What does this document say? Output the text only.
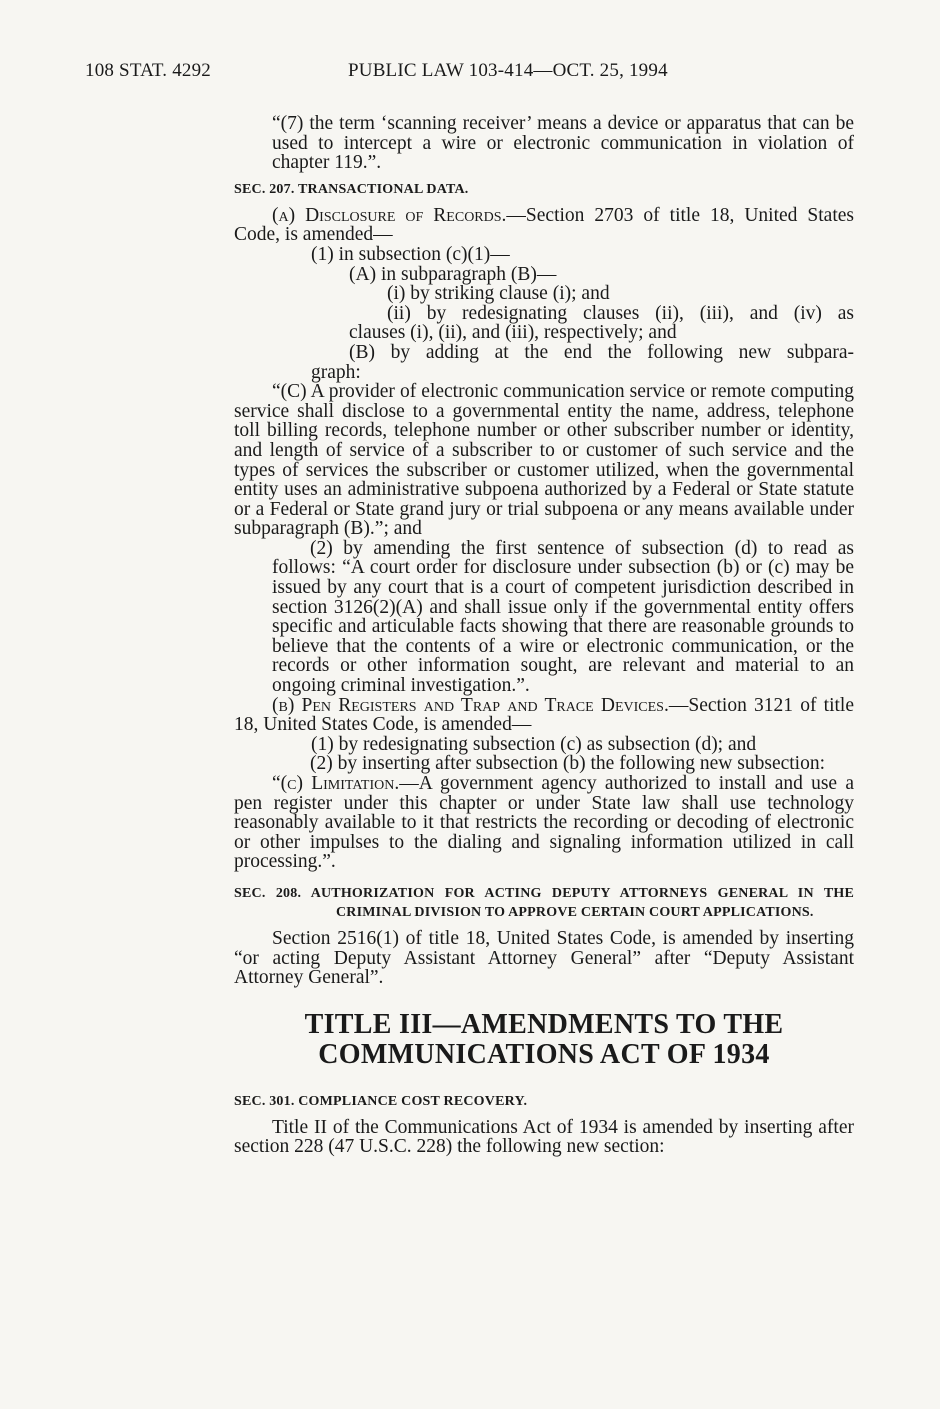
108 STAT. 4292	PUBLIC LAW 103-414—OCT. 25, 1994

“(7) the term ‘scanning receiver’ means a device or apparatus that can be used to intercept a wire or electronic communication in violation of chapter 119.”.

SEC. 207. TRANSACTIONAL DATA.

(a) Disclosure of Records.—Section 2703 of title 18, United States Code, is amended—

(1) in subsection (c)(1)—

(A) in subparagraph (B)—

(i) by striking clause (i); and

(ii) by redesignating clauses (ii), (iii), and (iv) as

clauses (i), (ii), and (iii), respectively; and

(B) by adding at the end the following new subpara-

graph:

“(C) A provider of electronic communication service or remote computing service shall disclose to a governmental entity the name, address, telephone toll billing records, telephone number or other subscriber number or identity, and length of service of a subscriber to or customer of such service and the types of services the subscriber or customer utilized, when the governmental entity uses an administrative subpoena authorized by a Federal or State statute or a Federal or State grand jury or trial subpoena or any means available under subparagraph (B).”; and

(2) by amending the first sentence of subsection (d) to read as follows: “A court order for disclosure under subsection (b) or (c) may be issued by any court that is a court of competent jurisdiction described in section 3126(2)(A) and shall issue only if the governmental entity offers specific and articulable facts showing that there are reasonable grounds to believe that the contents of a wire or electronic communication, or the records or other information sought, are relevant and material to an ongoing criminal investigation.”.

(b) Pen Registers and Trap and Trace Devices.—Section 3121 of title 18, United States Code, is amended—

(1) by redesignating subsection (c) as subsection (d); and

(2) by inserting after subsection (b) the following new subsection:

“(c) Limitation.—A government agency authorized to install and use a pen register under this chapter or under State law shall use technology reasonably available to it that restricts the recording or decoding of electronic or other impulses to the dialing and signaling information utilized in call processing.”.

SEC. 208. AUTHORIZATION FOR ACTING DEPUTY ATTORNEYS GENERAL IN THE CRIMINAL DIVISION TO APPROVE CERTAIN COURT APPLICATIONS.

Section 2516(1) of title 18, United States Code, is amended by inserting “or acting Deputy Assistant Attorney General” after “Deputy Assistant Attorney General”.

TITLE III—AMENDMENTS TO THE
COMMUNICATIONS ACT OF 1934

SEC. 301. COMPLIANCE COST RECOVERY.

Title II of the Communications Act of 1934 is amended by inserting after section 228 (47 U.S.C. 228) the following new section:
